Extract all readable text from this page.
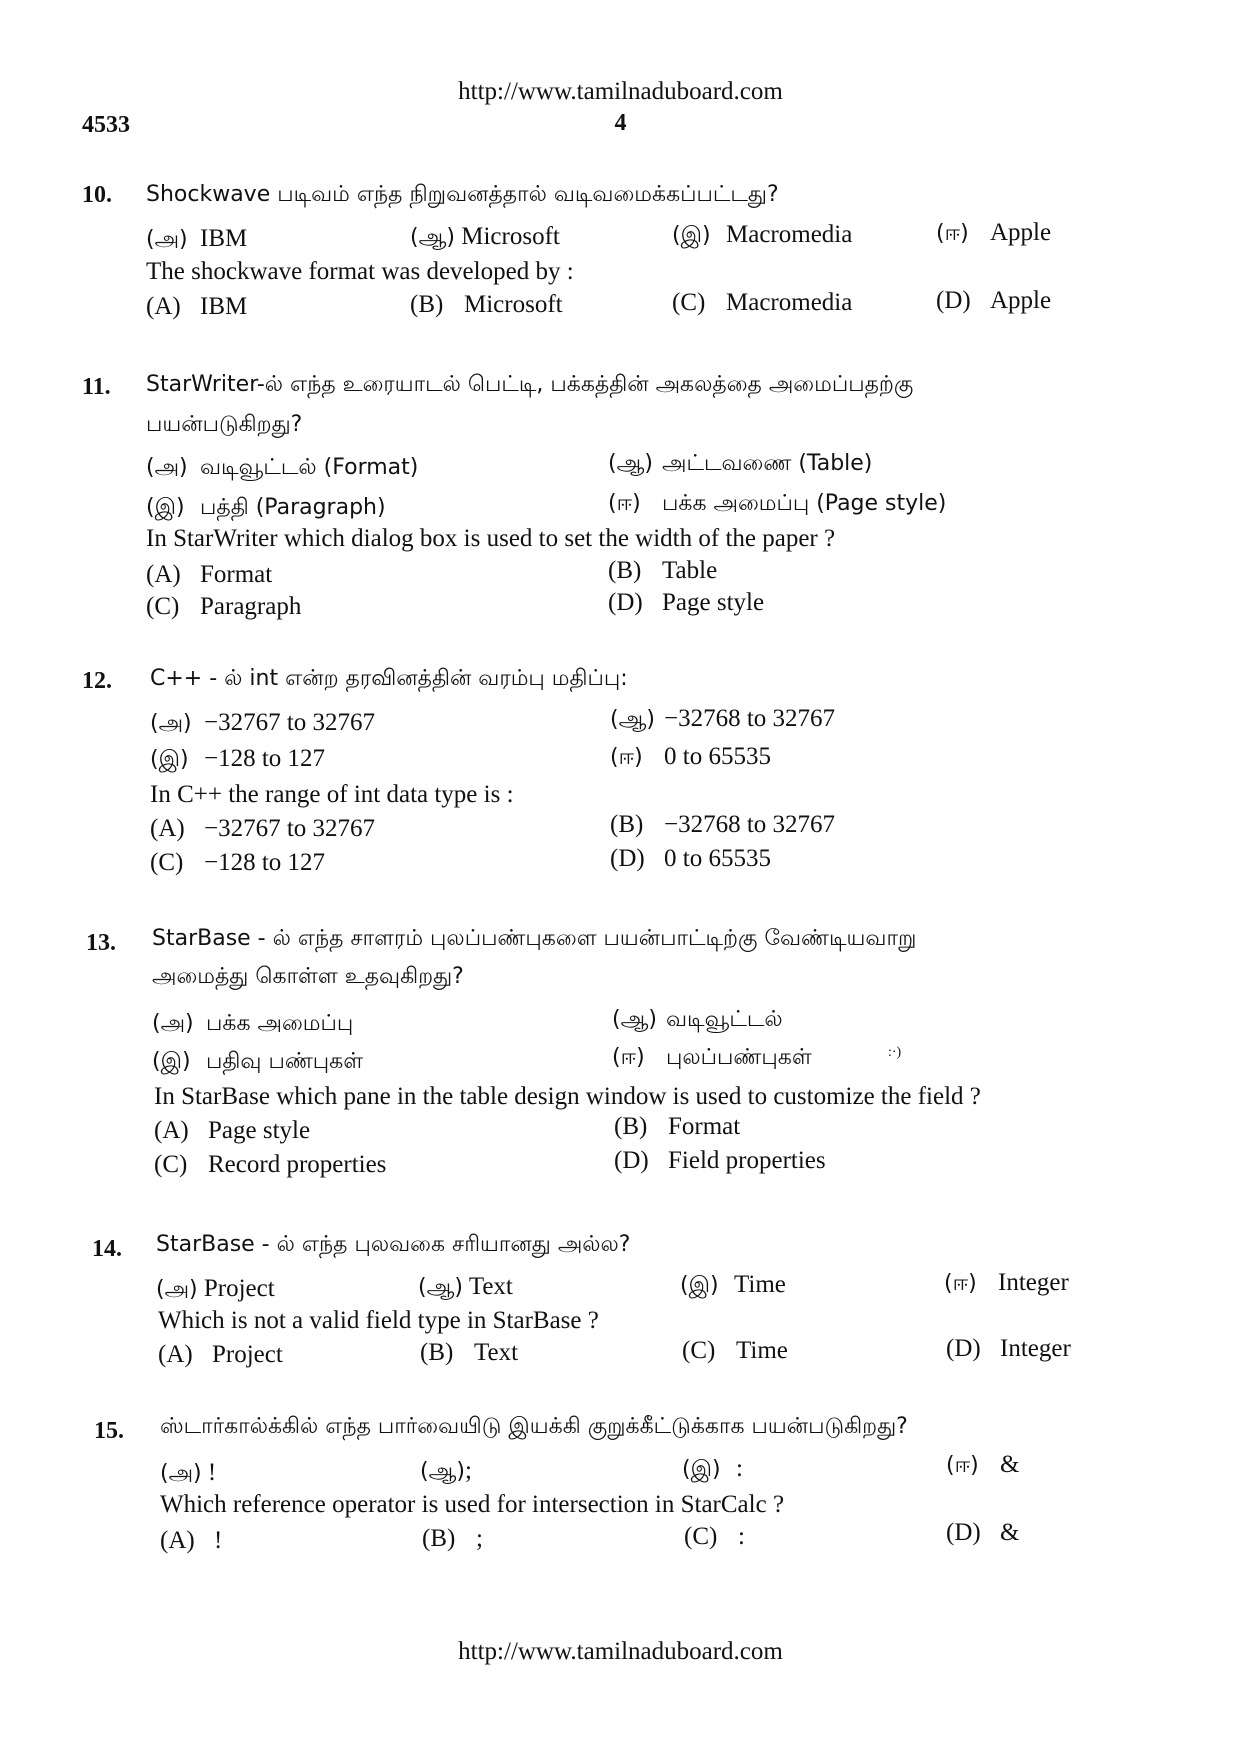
http://www.tamilnaduboard.com
4533	4
10. Shockwave படிவம் எந்த நிறுவனத்தால் வடிவமைக்கப்பட்டது?
(அ) IBM	(ஆ) Microsoft	(இ) Macromedia	(ஈ) Apple
The shockwave format was developed by :
(A) IBM	(B) Microsoft	(C) Macromedia	(D) Apple
11. StarWriter-ல் எந்த உரையாடல் பெட்டி, பக்கத்தின் அகலத்தை அமைப்பதற்கு
பயன்படுகிறது?
(அ) வடிவூட்டல் (Format)	(ஆ) அட்டவணை (Table)
(இ) பத்தி (Paragraph)	(ஈ) பக்க அமைப்பு (Page style)
In StarWriter which dialog box is used to set the width of the paper ?
(A) Format	(B) Table
(C) Paragraph	(D) Page style
12. C++ - ல் int என்ற தரவினத்தின் வரம்பு மதிப்பு:
(அ) −32767 to 32767	(ஆ) −32768 to 32767
(இ) −128 to 127	(ஈ) 0 to 65535
In C++ the range of int data type is :
(A) −32767 to 32767	(B) −32768 to 32767
(C) −128 to 127	(D) 0 to 65535
13. StarBase - ல் எந்த சாளரம் புலப்பண்புகளை பயன்பாட்டிற்கு வேண்டியவாறு
அமைத்து கொள்ள உதவுகிறது?
(அ) பக்க அமைப்பு	(ஆ) வடிவூட்டல்
(இ) பதிவு பண்புகள்	(ஈ) புலப்பண்புகள்	:·)
In StarBase which pane in the table design window is used to customize the field ?
(A) Page style	(B) Format
(C) Record properties	(D) Field properties
14. StarBase - ல் எந்த புலவகை சரியானது அல்ல?
(அ) Project	(ஆ) Text	(இ) Time	(ஈ) Integer
Which is not a valid field type in StarBase ?
(A) Project	(B) Text	(C) Time	(D) Integer
15. ஸ்டார்கால்க்கில் எந்த பார்வையிடு இயக்கி குறுக்கீட்டுக்காக பயன்படுகிறது?
(அ) !	(ஆ);	(இ) :	(ஈ) &
Which reference operator is used for intersection in StarCalc ?
(A) !	(B) ;	(C) :	(D) &
http://www.tamilnaduboard.com
